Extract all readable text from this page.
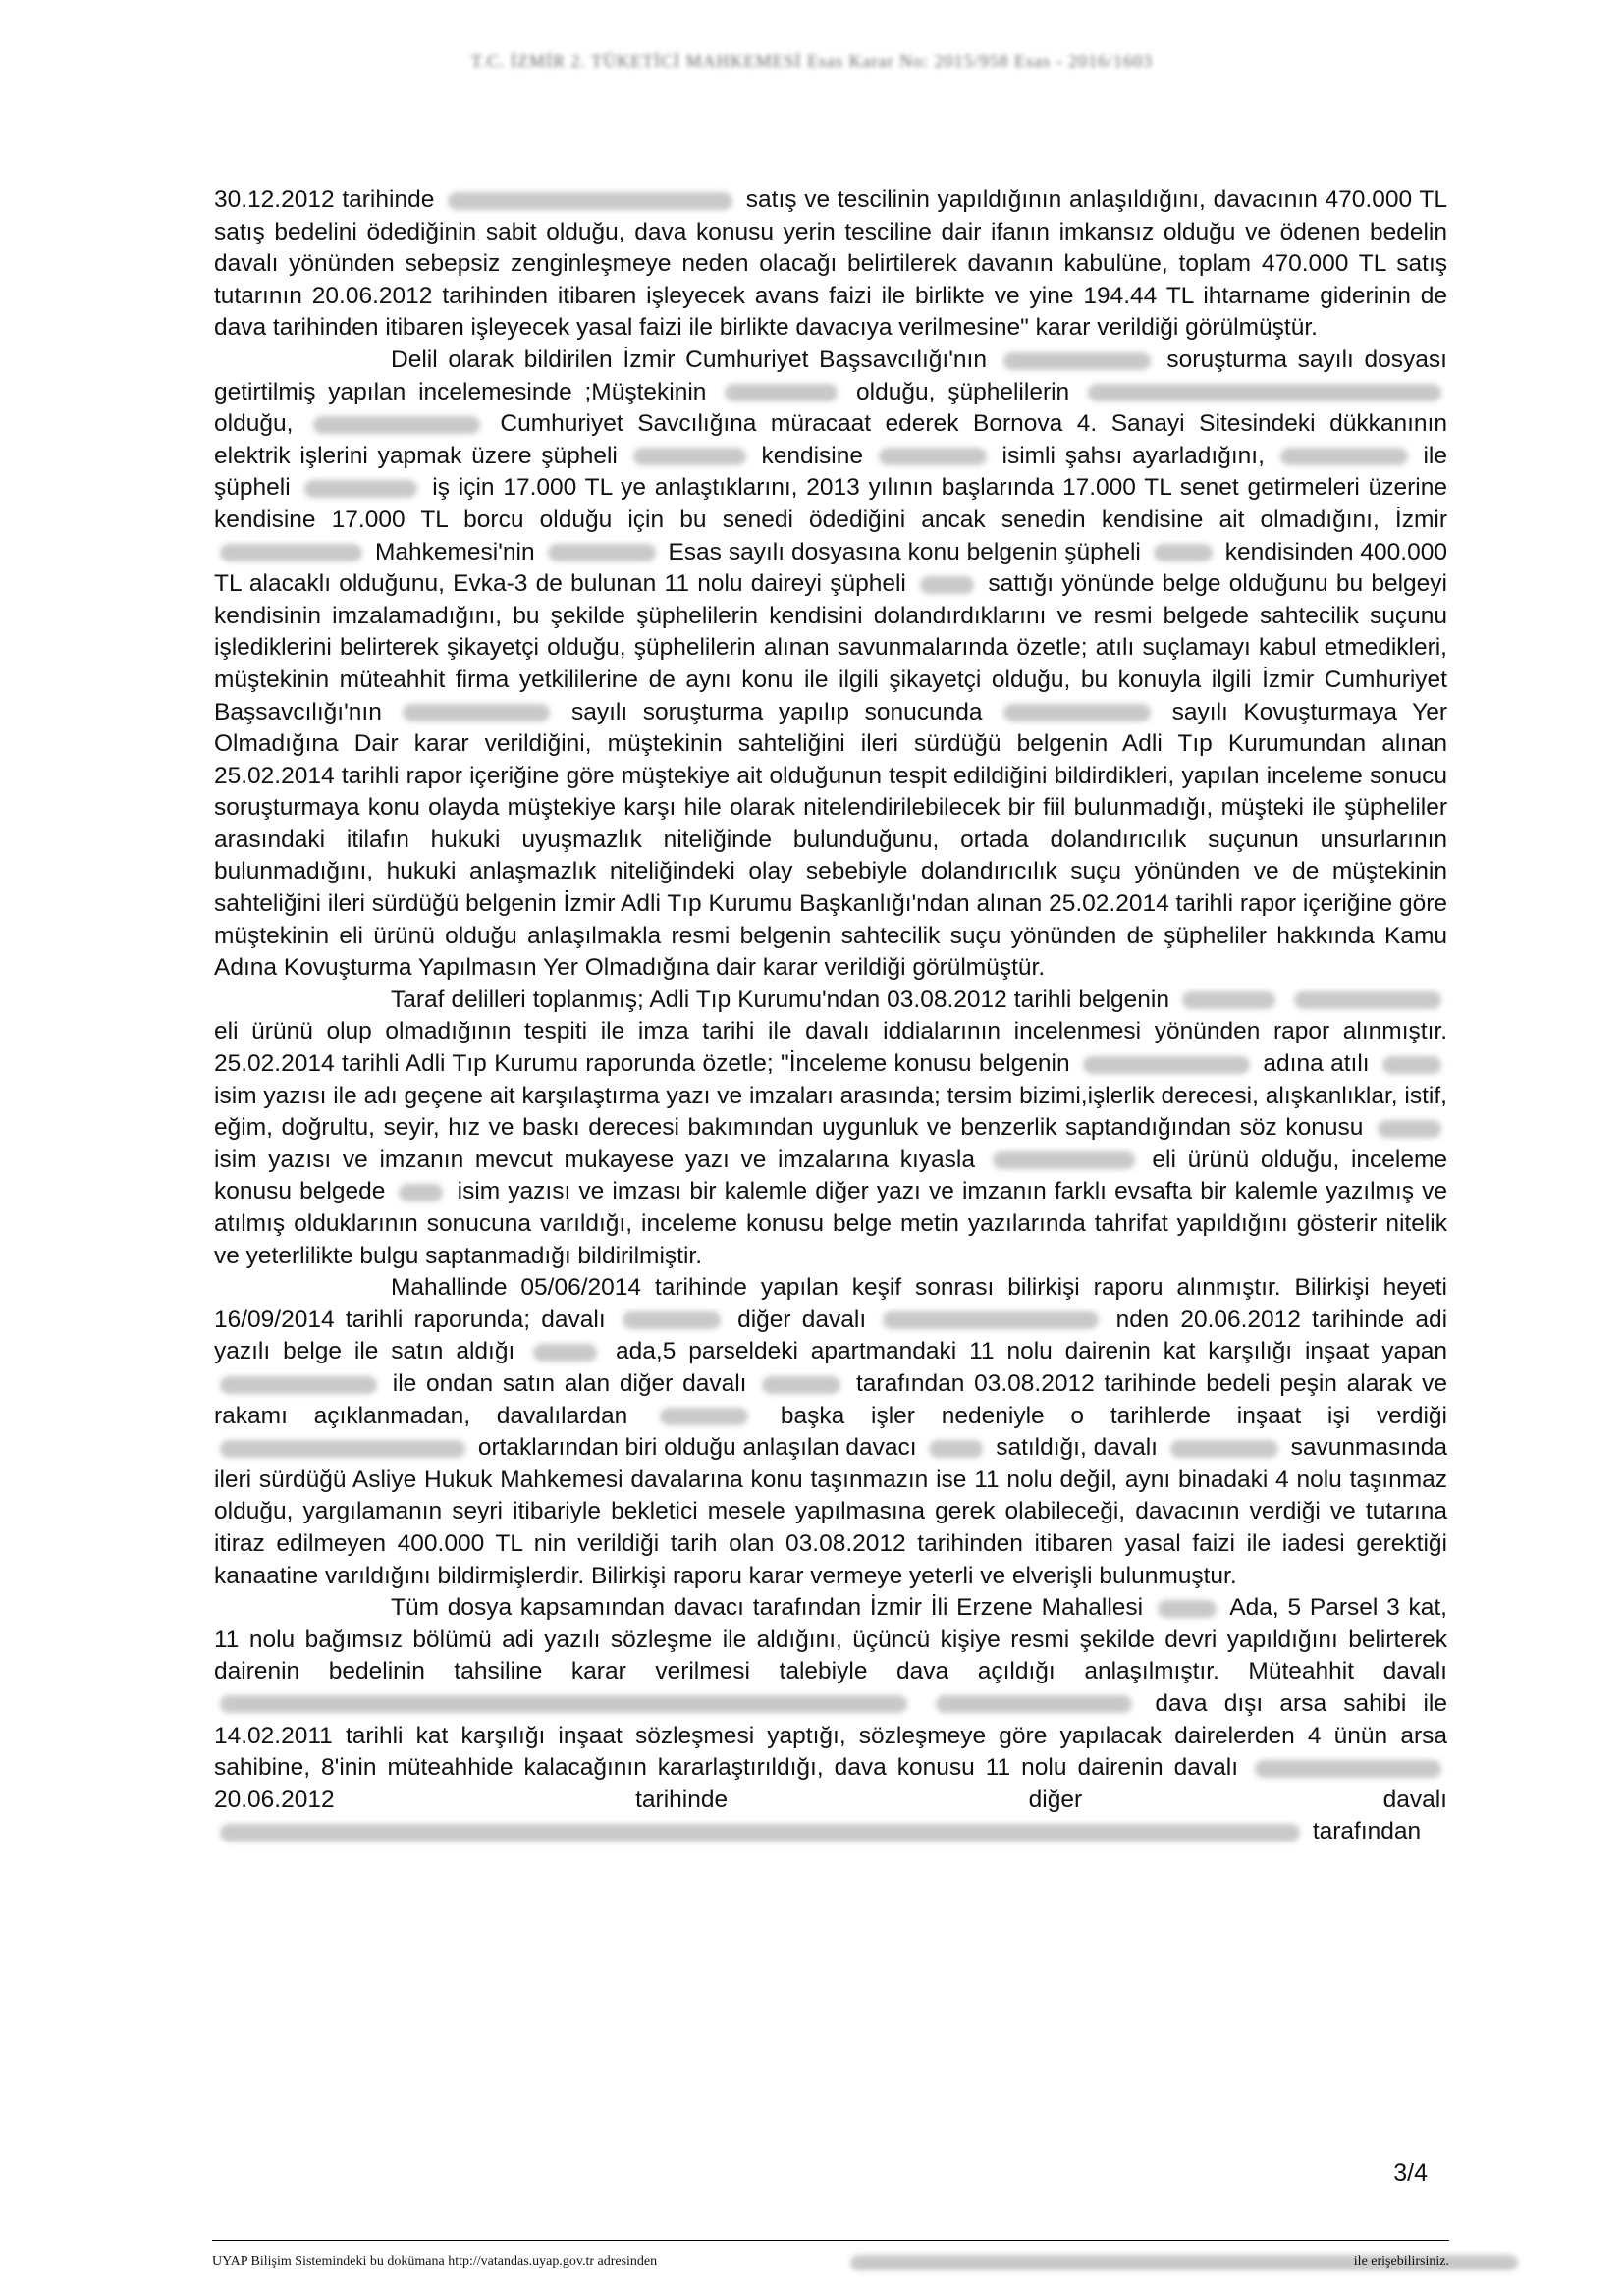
T.C. İZMİR 2. TÜKETİCİ MAHKEMESİ Esas Karar No: 2015/958 Esas - 2016/1603

30.12.2012 tarihinde	satış ve tescilinin yapıldığının anlaşıldığını, davacının 470.000 TL satış bedelini ödediğinin sabit olduğu, dava konusu yerin tesciline dair ifanın imkansız olduğu ve ödenen bedelin davalı yönünden sebepsiz zenginleşmeye neden olacağı belirtilerek davanın kabulüne, toplam 470.000 TL satış tutarının 20.06.2012 tarihinden itibaren işleyecek avans faizi ile birlikte ve yine 194.44 TL ihtarname giderinin de dava tarihinden itibaren işleyecek yasal faizi ile birlikte davacıya verilmesine" karar verildiği görülmüştür.

Delil olarak bildirilen İzmir Cumhuriyet Başsavcılığı'nın	soruşturma sayılı dosyası getirtilmiş yapılan incelemesinde ;Müştekinin	olduğu, şüphelilerin  olduğu,	Cumhuriyet Savcılığına müracaat ederek Bornova 4. Sanayi Sitesindeki dükkanının elektrik işlerini yapmak üzere şüpheli	kendisine	isimli şahsı ayarladığını,	ile şüpheli	iş için 17.000 TL ye anlaştıklarını, 2013 yılının başlarında 17.000 TL senet getirmeleri üzerine kendisine 17.000 TL borcu olduğu için bu senedi ödediğini ancak senedin kendisine ait olmadığını, İzmir  Mahkemesi'nin	Esas sayılı dosyasına konu belgenin şüpheli	kendisinden 400.000 TL alacaklı olduğunu, Evka-3 de bulunan 11 nolu daireyi şüpheli	sattığı yönünde belge olduğunu bu belgeyi kendisinin imzalamadığını, bu şekilde şüphelilerin kendisini dolandırdıklarını ve resmi belgede sahtecilik suçunu işlediklerini belirterek şikayetçi olduğu, şüphelilerin alınan savunmalarında özetle; atılı suçlamayı kabul etmedikleri, müştekinin müteahhit firma yetkililerine de aynı konu ile ilgili şikayetçi olduğu, bu konuyla ilgili İzmir Cumhuriyet Başsavcılığı'nın	sayılı soruşturma yapılıp sonucunda	sayılı Kovuşturmaya Yer Olmadığına Dair karar verildiğini, müştekinin sahteliğini ileri sürdüğü belgenin Adli Tıp Kurumundan alınan 25.02.2014 tarihli rapor içeriğine göre müştekiye ait olduğunun tespit edildiğini bildirdikleri, yapılan inceleme sonucu soruşturmaya konu olayda müştekiye karşı hile olarak nitelendirilebilecek bir fiil bulunmadığı, müşteki ile şüpheliler arasındaki itilafın hukuki uyuşmazlık niteliğinde bulunduğunu, ortada dolandırıcılık suçunun unsurlarının bulunmadığını, hukuki anlaşmazlık niteliğindeki olay sebebiyle dolandırıcılık suçu yönünden ve de müştekinin sahteliğini ileri sürdüğü belgenin İzmir Adli Tıp Kurumu Başkanlığı'ndan alınan 25.02.2014 tarihli rapor içeriğine göre müştekinin eli ürünü olduğu anlaşılmakla resmi belgenin sahtecilik suçu yönünden de şüpheliler hakkında Kamu Adına Kovuşturma Yapılmasın Yer Olmadığına dair karar verildiği görülmüştür.

Taraf delilleri toplanmış; Adli Tıp Kurumu'ndan 03.08.2012 tarihli belgenin   eli ürünü olup olmadığının tespiti ile imza tarihi ile davalı iddialarının incelenmesi yönünden rapor alınmıştır. 25.02.2014 tarihli Adli Tıp Kurumu raporunda özetle; "İnceleme konusu belgenin	adına atılı  isim yazısı ile adı geçene ait karşılaştırma yazı ve imzaları arasında; tersim bizimi,işlerlik derecesi, alışkanlıklar, istif, eğim, doğrultu, seyir, hız ve baskı derecesi bakımından uygunluk ve benzerlik saptandığından söz konusu  isim yazısı ve imzanın mevcut mukayese yazı ve imzalarına kıyasla	eli ürünü olduğu, inceleme konusu belgede	isim yazısı ve imzası bir kalemle diğer yazı ve imzanın farklı evsafta bir kalemle yazılmış ve atılmış olduklarının sonucuna varıldığı, inceleme konusu belge metin yazılarında tahrifat yapıldığını gösterir nitelik ve yeterlilikte bulgu saptanmadığı bildirilmiştir.

Mahallinde 05/06/2014 tarihinde yapılan keşif sonrası bilirkişi raporu alınmıştır. Bilirkişi heyeti 16/09/2014 tarihli raporunda; davalı	diğer davalı	nden 20.06.2012 tarihinde adi yazılı belge ile satın aldığı	ada,5 parseldeki apartmandaki 11 nolu dairenin kat karşılığı inşaat yapan  ile ondan satın alan diğer davalı	tarafından 03.08.2012 tarihinde bedeli peşin alarak ve rakamı açıklanmadan, davalılardan	başka işler nedeniyle o tarihlerde inşaat işi verdiği  ortaklarından biri olduğu anlaşılan davacı	satıldığı, davalı	savunmasında ileri sürdüğü Asliye Hukuk Mahkemesi davalarına konu taşınmazın ise 11 nolu değil, aynı binadaki 4 nolu taşınmaz olduğu, yargılamanın seyri itibariyle bekletici mesele yapılmasına gerek olabileceği, davacının verdiği ve tutarına itiraz edilmeyen 400.000 TL nin verildiği tarih olan 03.08.2012 tarihinden itibaren yasal faizi ile iadesi gerektiği kanaatine varıldığını bildirmişlerdir. Bilirkişi raporu karar vermeye yeterli ve elverişli bulunmuştur.

Tüm dosya kapsamından davacı tarafından İzmir İli Erzene Mahallesi	Ada, 5 Parsel 3 kat, 11 nolu bağımsız bölümü adi yazılı sözleşme ile aldığını, üçüncü kişiye resmi şekilde devri yapıldığını belirterek dairenin bedelinin tahsiline karar verilmesi talebiyle dava açıldığı anlaşılmıştır. Müteahhit davalı   dava dışı arsa sahibi ile 14.02.2011 tarihli kat karşılığı inşaat sözleşmesi yaptığı, sözleşmeye göre yapılacak dairelerden 4 ünün arsa sahibine, 8'inin müteahhide kalacağının kararlaştırıldığı, dava konusu 11 nolu dairenin davalı  20.06.2012 tarihinde diğer davalı  tarafından

3/4
UYAP Bilişim Sistemindeki bu dokümana http://vatandas.uyap.gov.tr adresinden	ile erişebilirsiniz.
